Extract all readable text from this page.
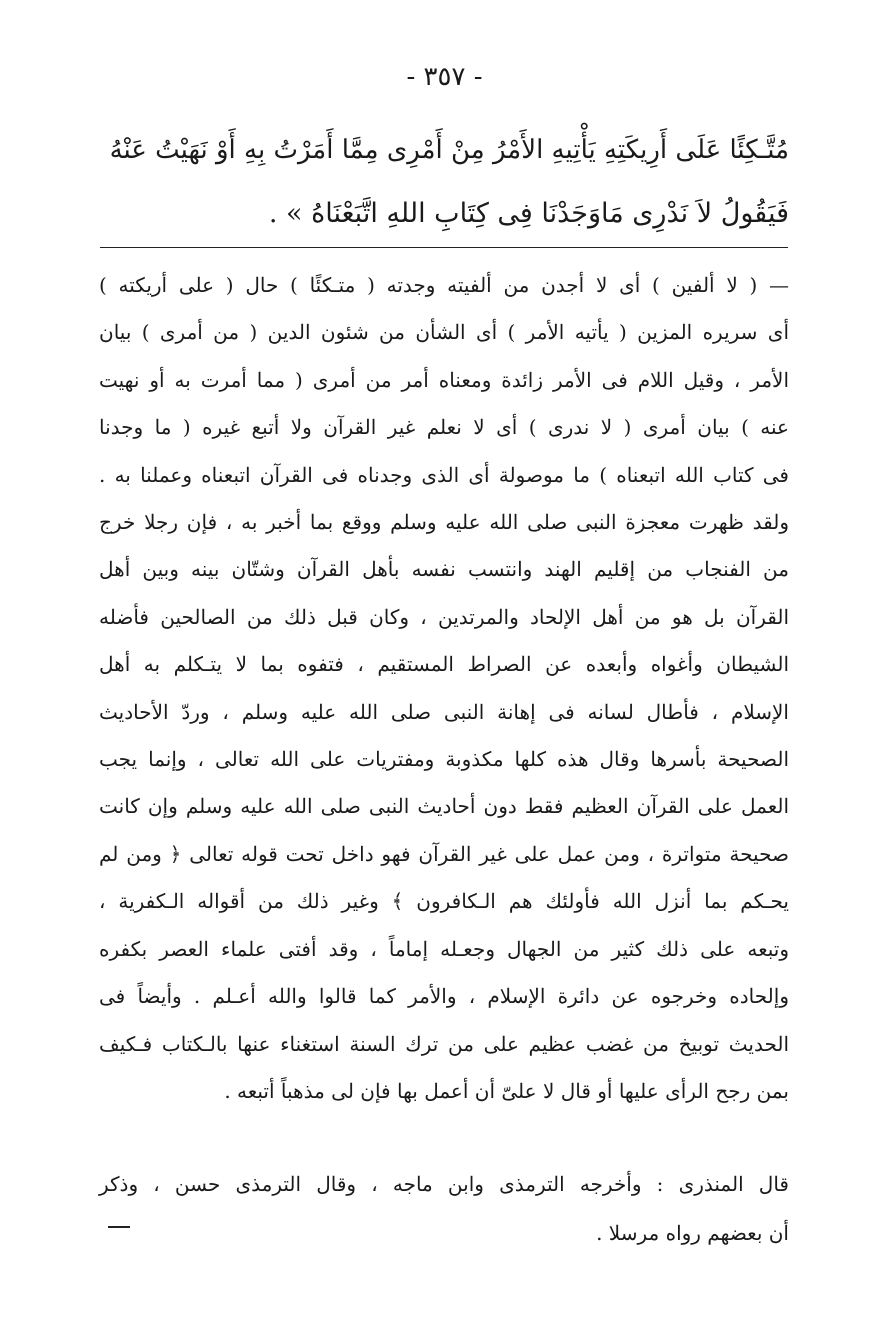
- ٣٥٧ -
مُتَّـكِئًا عَلَى أَرِيكَتِهِ يَأْتِيهِ الأَمْرُ مِنْ أَمْرِى مِمَّا أَمَرْتُ بِهِ أَوْ نَهَيْتُ عَنْهُ
فَيَقُولُ لاَ نَدْرِى مَاوَجَدْنَا فِى كِتَابِ اللهِ اتَّبَعْنَاهُ » .
— ( لا ألفين ) أى لا أجدن من ألفيته وجدته ( متـكئًا ) حال ( على أريكته )
أى سريره المزين ( يأتيه الأمر ) أى الشأن من شئون الدين ( من أمرى ) بيان
الأمر ، وقيل اللام فى الأمر زائدة ومعناه أمر من أمرى ( مما أمرت به أو نهيت
عنه ) بيان أمرى ( لا ندرى ) أى لا نعلم غير القرآن ولا أتبع غيره ( ما وجدنا
فى كتاب الله اتبعناه ) ما موصولة أى الذى وجدناه فى القرآن اتبعناه وعملنا به .
ولقد ظهرت معجزة النبى صلى الله عليه وسلم ووقع بما أخبر به ، فإن رجلا خرج
من الفنجاب من إقليم الهند وانتسب نفسه بأهل القرآن وشتّان بينه وبين أهل
القرآن بل هو من أهل الإلحاد والمرتدين ، وكان قبل ذلك من الصالحين فأضله
الشيطان وأغواه وأبعده عن الصراط المستقيم ، فتفوه بما لا يتـكلم به أهل
الإسلام ، فأطال لسانه فى إهانة النبى صلى الله عليه وسلم ، وردّ الأحاديث
الصحيحة بأسرها وقال هذه كلها مكذوبة ومفتريات على الله تعالى ، وإنما يجب
العمل على القرآن العظيم فقط دون أحاديث النبى صلى الله عليه وسلم وإن كانت
صحيحة متواترة ، ومن عمل على غير القرآن فهو داخل تحت قوله تعالى ﴿ ومن لم
يحـكم بما أنزل الله فأولئك هم الـكافرون ﴾ وغير ذلك من أقواله الـكفرية ،
وتبعه على ذلك كثير من الجهال وجعـله إماماً ، وقد أفتى علماء العصر بكفره
وإلحاده وخرجوه عن دائرة الإسلام ، والأمر كما قالوا والله أعـلم . وأيضاً فى
الحديث توبيخ من غضب عظيم على من ترك السنة استغناء عنها بالـكتاب فـكيف
بمن رجح الرأى عليها أو قال لا علىّ أن أعمل بها فإن لى مذهباً أتبعه .
قال المنذرى : وأخرجه الترمذى وابن ماجه ، وقال الترمذى حسن ، وذكر
أن بعضهم رواه مرسلا .
